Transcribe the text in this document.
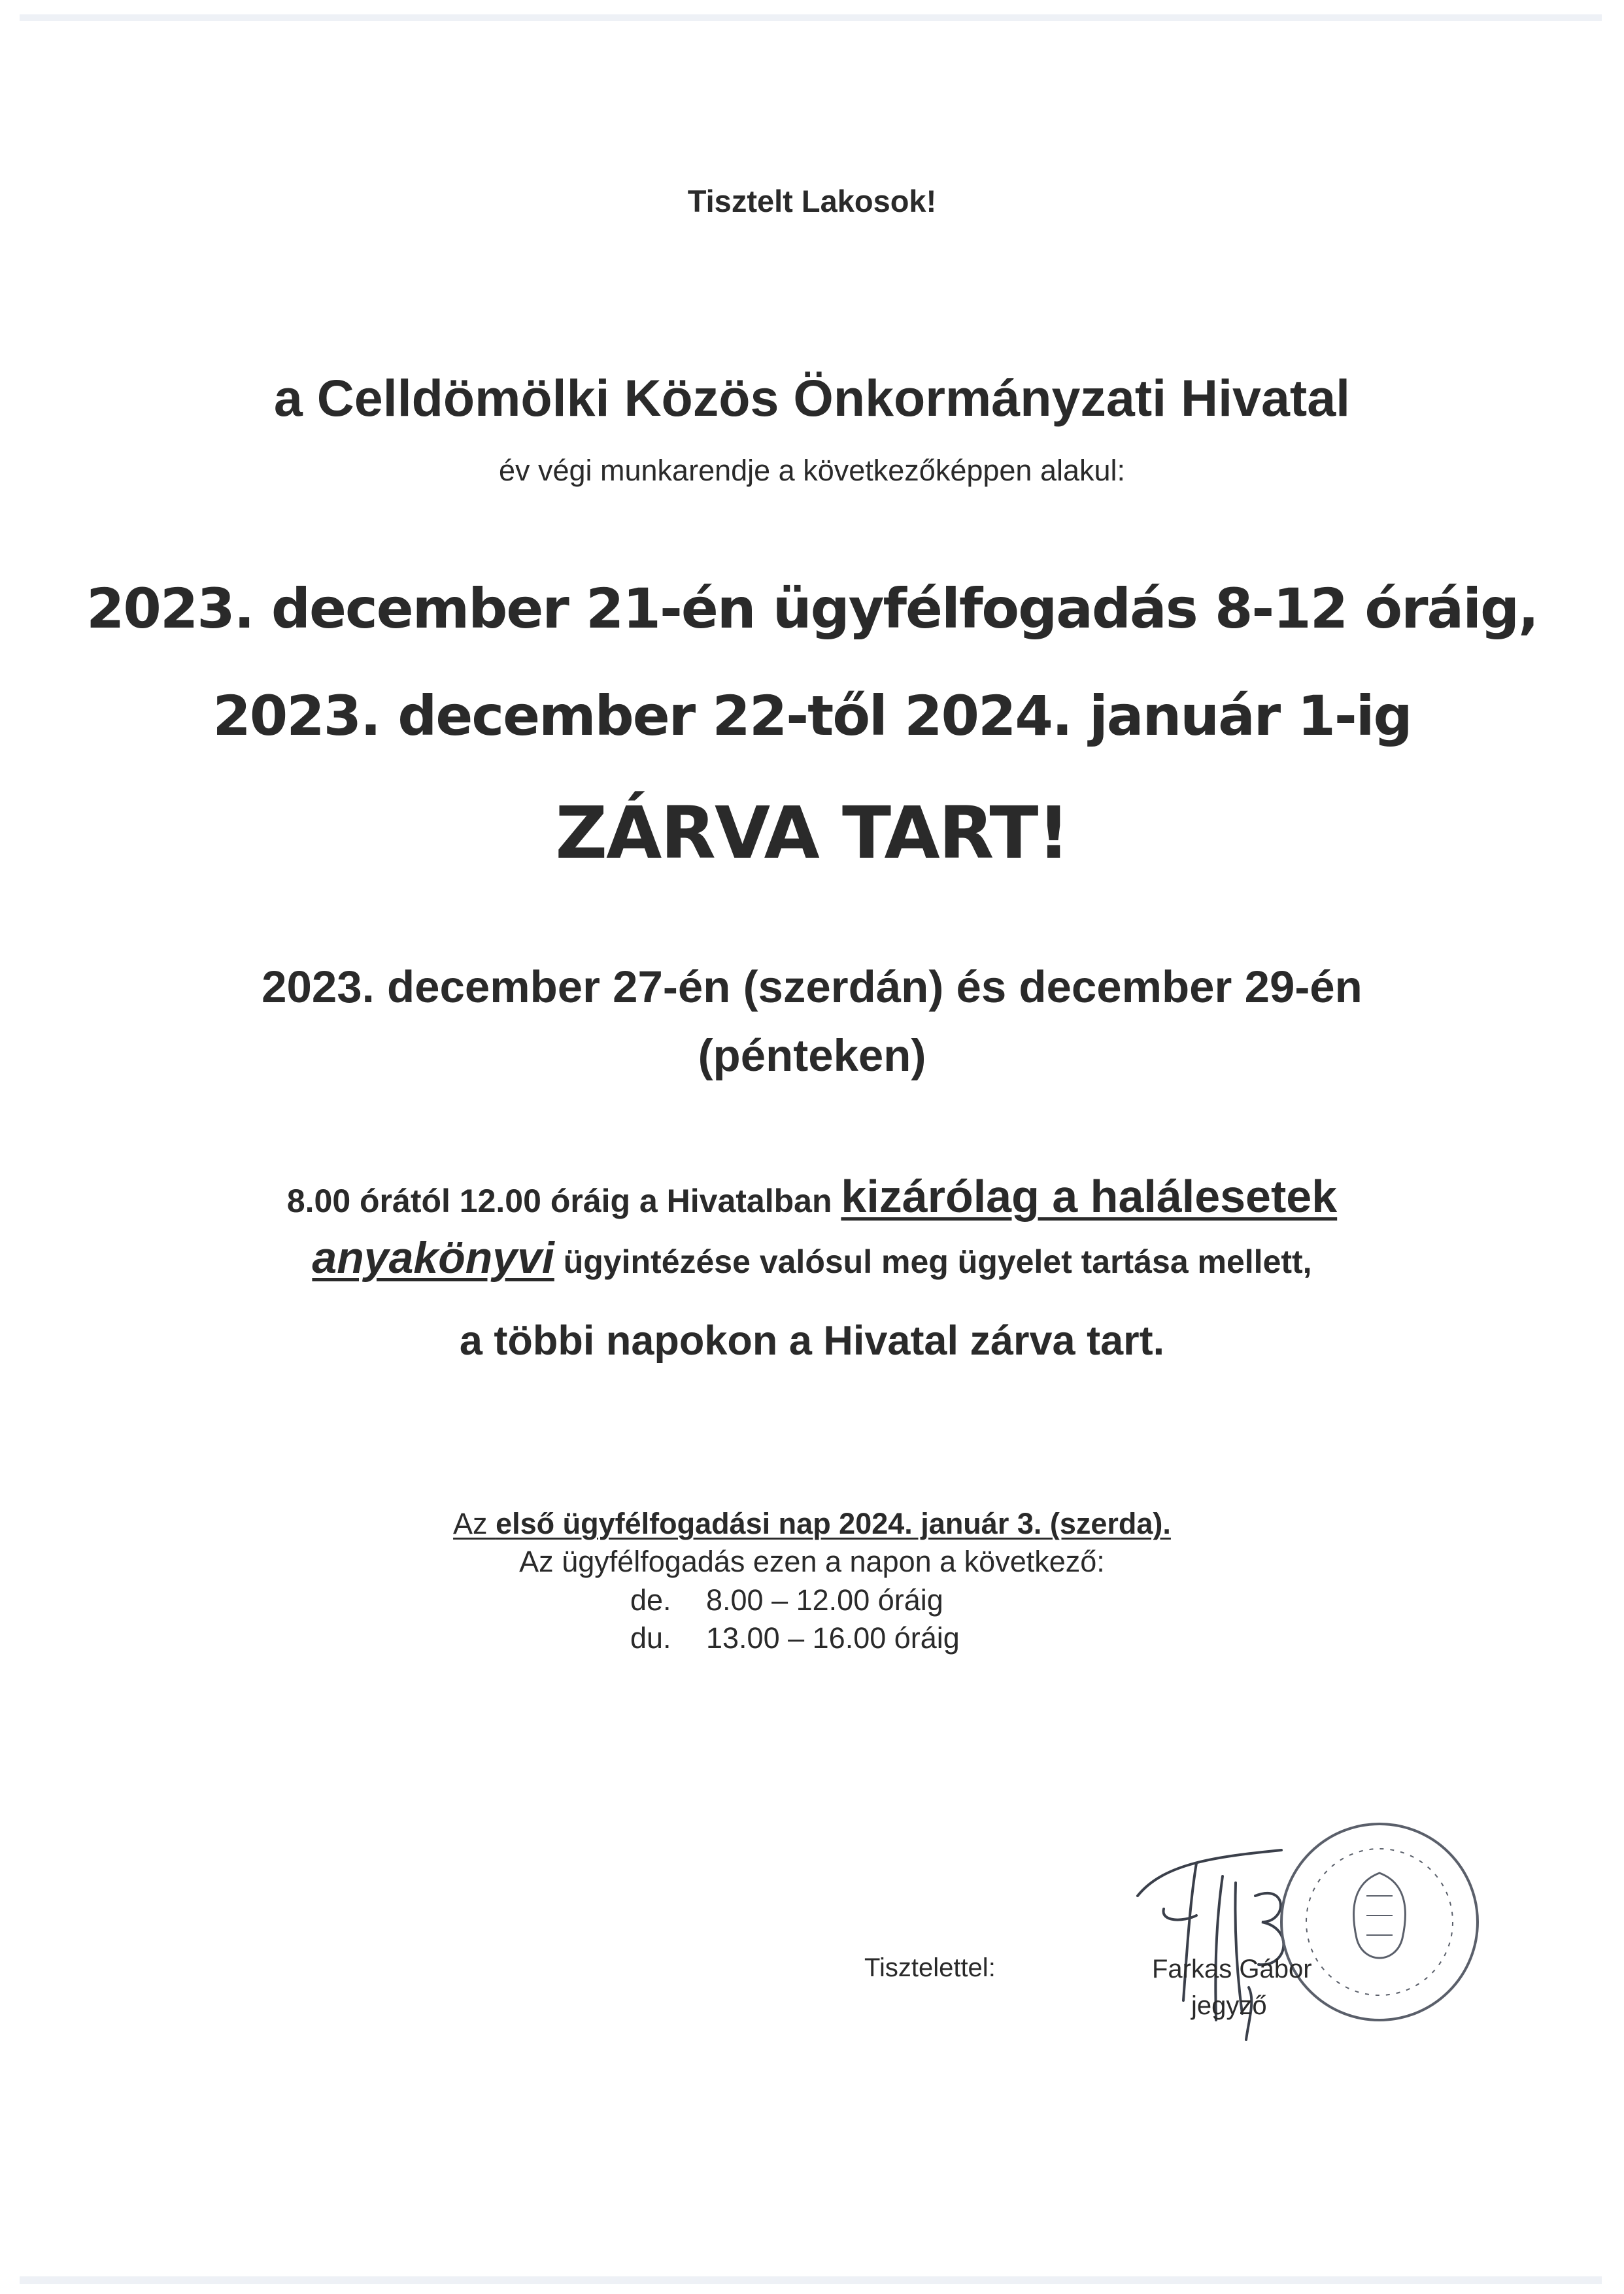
Tisztelt Lakosok!
a Celldömölki Közös Önkormányzati Hivatal
év végi munkarendje a következőképpen alakul:
2023. december 21-én ügyfélfogadás 8-12 óráig,
2023. december 22-től 2024. január 1-ig
ZÁRVA TART!
2023. december 27-én (szerdán) és december 29-én
(pénteken)
8.00 órától 12.00 óráig a Hivatalban kizárólag a halálesetek
anyakönyvi ügyintézése valósul meg ügyelet tartása mellett,
a többi napokon a Hivatal zárva tart.
Az első ügyfélfogadási nap 2024. január 3. (szerda).
Az ügyfélfogadás ezen a napon a következő:
de. 8.00 – 12.00 óráig
du. 13.00 – 16.00 óráig
Tisztelettel:	Farkas Gábor
jegyző
